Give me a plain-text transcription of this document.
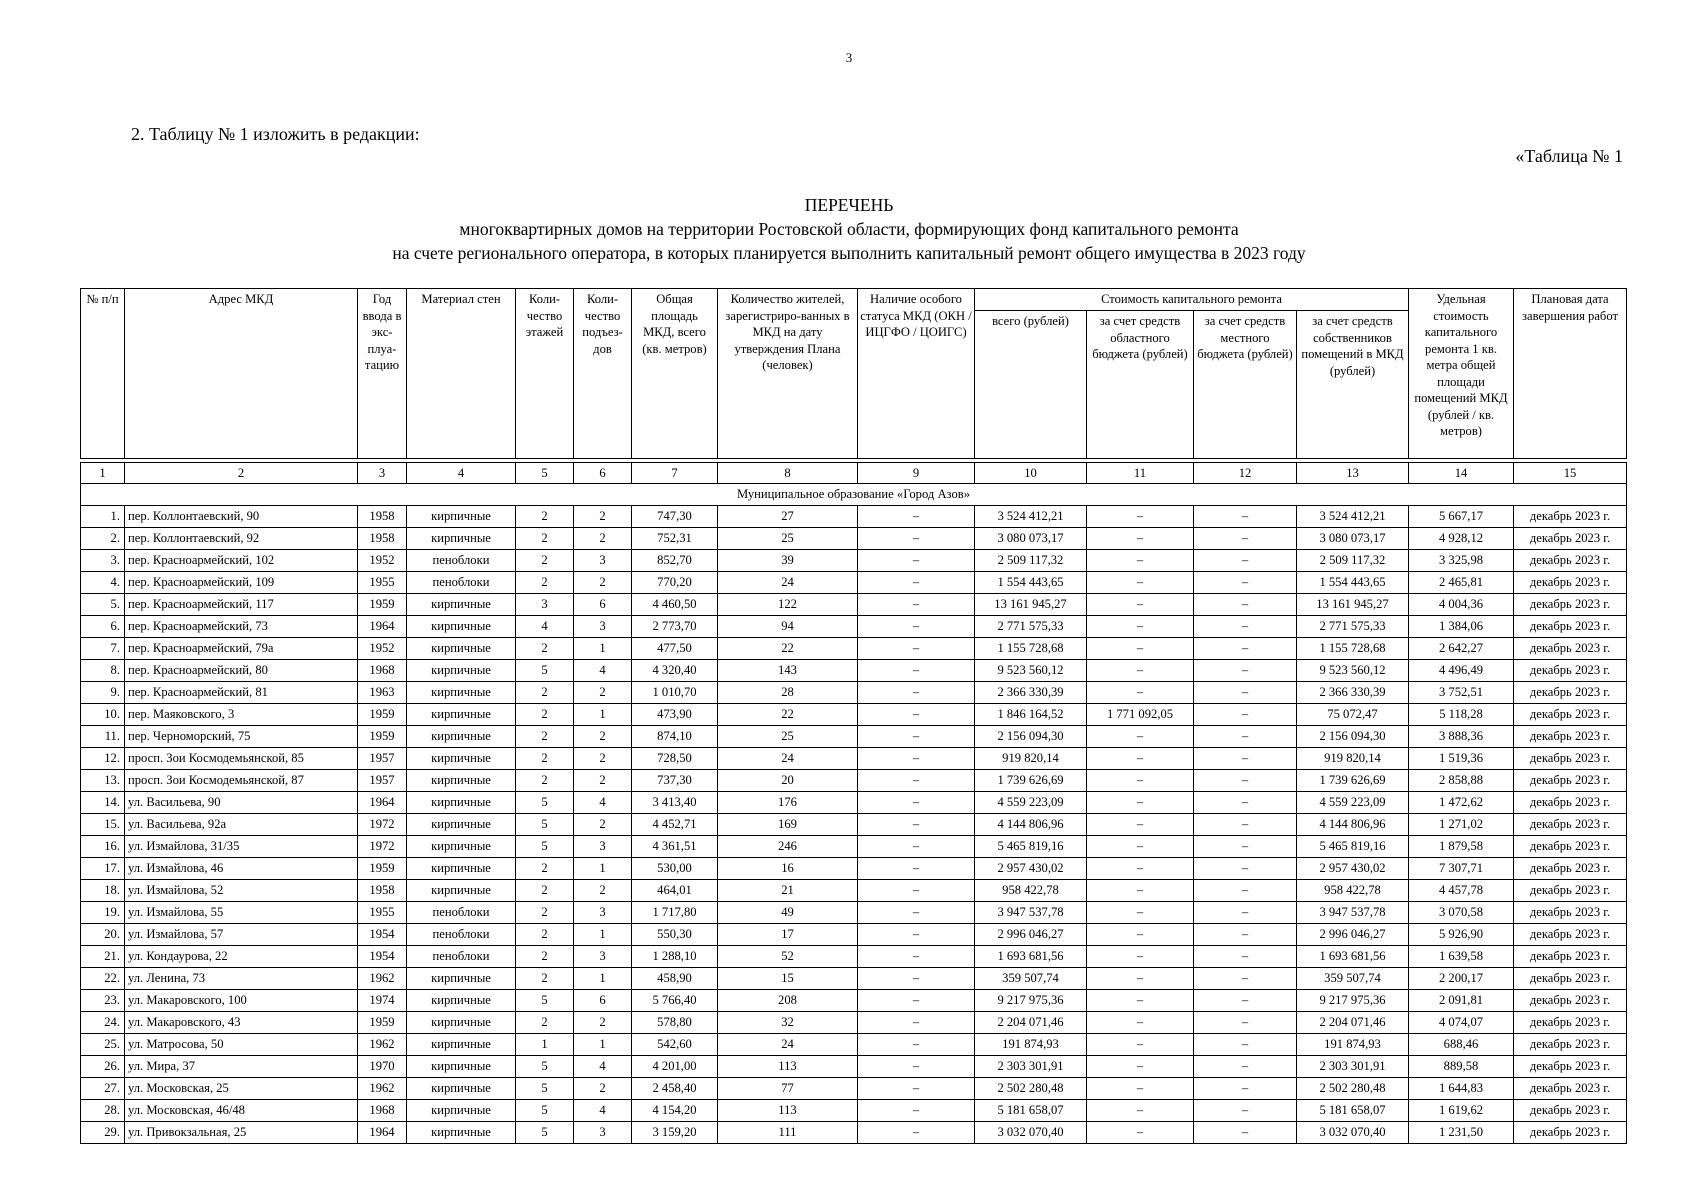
3
2. Таблицу № 1 изложить в редакции:
«Таблица № 1
ПЕРЕЧЕНЬ
многоквартирных домов на территории Ростовской области, формирующих фонд капитального ремонта
на счете регионального оператора, в которых планируется выполнить капитальный ремонт общего имущества в 2023 году
№ п/п	Адрес МКД	Год ввода в экс-плуа-тацию	Материал стен	Коли-чество этажей	Коли-чество подъез-дов	Общая площадь МКД, всего (кв. метров)	Количество жителей, зарегистриро-ванных в МКД на дату утверждения Плана (человек)	Наличие особого статуса МКД (ОКН / ИЦГФО / ЦОИГС)	Стоимость капитального ремонта				Удельная стоимость капитального ремонта 1 кв. метра общей площади помещений МКД (рублей / кв. метров)	Плановая дата завершения работ
									всего (рублей)	за счет средств областного бюджета (рублей)	за счет средств местного бюджета (рублей)	за счет средств собственников помещений в МКД (рублей)		

1	2	3	4	5	6	7	8	9	10	11	12	13	14	15
Муниципальное образование «Город Азов»														
1.	пер. Коллонтаевский, 90	1958	кирпичные	2	2	747,30	27	–	3 524 412,21	–	–	3 524 412,21	5 667,17	декабрь 2023 г.
2.	пер. Коллонтаевский, 92	1958	кирпичные	2	2	752,31	25	–	3 080 073,17	–	–	3 080 073,17	4 928,12	декабрь 2023 г.
3.	пер. Красноармейский, 102	1952	пеноблоки	2	3	852,70	39	–	2 509 117,32	–	–	2 509 117,32	3 325,98	декабрь 2023 г.
4.	пер. Красноармейский, 109	1955	пеноблоки	2	2	770,20	24	–	1 554 443,65	–	–	1 554 443,65	2 465,81	декабрь 2023 г.
5.	пер. Красноармейский, 117	1959	кирпичные	3	6	4 460,50	122	–	13 161 945,27	–	–	13 161 945,27	4 004,36	декабрь 2023 г.
6.	пер. Красноармейский, 73	1964	кирпичные	4	3	2 773,70	94	–	2 771 575,33	–	–	2 771 575,33	1 384,06	декабрь 2023 г.
7.	пер. Красноармейский, 79а	1952	кирпичные	2	1	477,50	22	–	1 155 728,68	–	–	1 155 728,68	2 642,27	декабрь 2023 г.
8.	пер. Красноармейский, 80	1968	кирпичные	5	4	4 320,40	143	–	9 523 560,12	–	–	9 523 560,12	4 496,49	декабрь 2023 г.
9.	пер. Красноармейский, 81	1963	кирпичные	2	2	1 010,70	28	–	2 366 330,39	–	–	2 366 330,39	3 752,51	декабрь 2023 г.
10.	пер. Маяковского, 3	1959	кирпичные	2	1	473,90	22	–	1 846 164,52	1 771 092,05	–	75 072,47	5 118,28	декабрь 2023 г.
11.	пер. Черноморский, 75	1959	кирпичные	2	2	874,10	25	–	2 156 094,30	–	–	2 156 094,30	3 888,36	декабрь 2023 г.
12.	просп. Зои Космодемьянской, 85	1957	кирпичные	2	2	728,50	24	–	919 820,14	–	–	919 820,14	1 519,36	декабрь 2023 г.
13.	просп. Зои Космодемьянской, 87	1957	кирпичные	2	2	737,30	20	–	1 739 626,69	–	–	1 739 626,69	2 858,88	декабрь 2023 г.
14.	ул. Васильева, 90	1964	кирпичные	5	4	3 413,40	176	–	4 559 223,09	–	–	4 559 223,09	1 472,62	декабрь 2023 г.
15.	ул. Васильева, 92а	1972	кирпичные	5	2	4 452,71	169	–	4 144 806,96	–	–	4 144 806,96	1 271,02	декабрь 2023 г.
16.	ул. Измайлова, 31/35	1972	кирпичные	5	3	4 361,51	246	–	5 465 819,16	–	–	5 465 819,16	1 879,58	декабрь 2023 г.
17.	ул. Измайлова, 46	1959	кирпичные	2	1	530,00	16	–	2 957 430,02	–	–	2 957 430,02	7 307,71	декабрь 2023 г.
18.	ул. Измайлова, 52	1958	кирпичные	2	2	464,01	21	–	958 422,78	–	–	958 422,78	4 457,78	декабрь 2023 г.
19.	ул. Измайлова, 55	1955	пеноблоки	2	3	1 717,80	49	–	3 947 537,78	–	–	3 947 537,78	3 070,58	декабрь 2023 г.
20.	ул. Измайлова, 57	1954	пеноблоки	2	1	550,30	17	–	2 996 046,27	–	–	2 996 046,27	5 926,90	декабрь 2023 г.
21.	ул. Кондаурова, 22	1954	пеноблоки	2	3	1 288,10	52	–	1 693 681,56	–	–	1 693 681,56	1 639,58	декабрь 2023 г.
22.	ул. Ленина, 73	1962	кирпичные	2	1	458,90	15	–	359 507,74	–	–	359 507,74	2 200,17	декабрь 2023 г.
23.	ул. Макаровского, 100	1974	кирпичные	5	6	5 766,40	208	–	9 217 975,36	–	–	9 217 975,36	2 091,81	декабрь 2023 г.
24.	ул. Макаровского, 43	1959	кирпичные	2	2	578,80	32	–	2 204 071,46	–	–	2 204 071,46	4 074,07	декабрь 2023 г.
25.	ул. Матросова, 50	1962	кирпичные	1	1	542,60	24	–	191 874,93	–	–	191 874,93	688,46	декабрь 2023 г.
26.	ул. Мира, 37	1970	кирпичные	5	4	4 201,00	113	–	2 303 301,91	–	–	2 303 301,91	889,58	декабрь 2023 г.
27.	ул. Московская, 25	1962	кирпичные	5	2	2 458,40	77	–	2 502 280,48	–	–	2 502 280,48	1 644,83	декабрь 2023 г.
28.	ул. Московская, 46/48	1968	кирпичные	5	4	4 154,20	113	–	5 181 658,07	–	–	5 181 658,07	1 619,62	декабрь 2023 г.
29.	ул. Привокзальная, 25	1964	кирпичные	5	3	3 159,20	111	–	3 032 070,40	–	–	3 032 070,40	1 231,50	декабрь 2023 г.
